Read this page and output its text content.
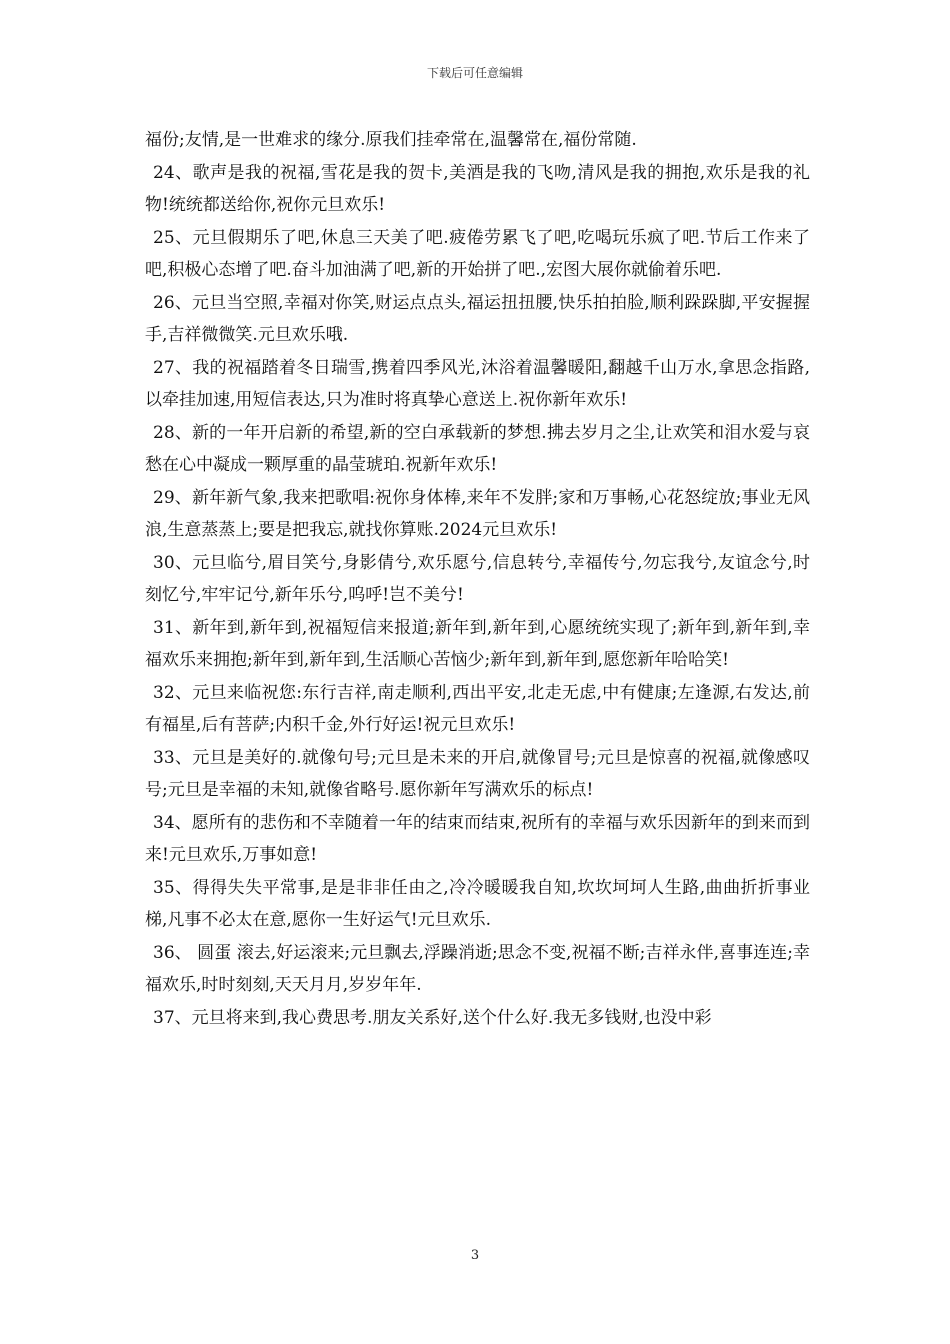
下载后可任意编辑

福份;友情,是一世难求的缘分.原我们挂牵常在,温馨常在,福份常随.

24、歌声是我的祝福,雪花是我的贺卡,美酒是我的飞吻,清风是我的拥抱,欢乐是我的礼物!统统都送给你,祝你元旦欢乐!

25、元旦假期乐了吧,休息三天美了吧.疲倦劳累飞了吧,吃喝玩乐疯了吧.节后工作来了吧,积极心态增了吧.奋斗加油满了吧,新的开始拼了吧.,宏图大展你就偷着乐吧.

26、元旦当空照,幸福对你笑,财运点点头,福运扭扭腰,快乐拍拍脸,顺利跺跺脚,平安握握手,吉祥微微笑.元旦欢乐哦.

27、我的祝福踏着冬日瑞雪,携着四季风光,沐浴着温馨暖阳,翻越千山万水,拿思念指路,以牵挂加速,用短信表达,只为准时将真挚心意送上.祝你新年欢乐!

28、新的一年开启新的希望,新的空白承载新的梦想.拂去岁月之尘,让欢笑和泪水爱与哀愁在心中凝成一颗厚重的晶莹琥珀.祝新年欢乐!

29、新年新气象,我来把歌唱:祝你身体棒,来年不发胖;家和万事畅,心花怒绽放;事业无风浪,生意蒸蒸上;要是把我忘,就找你算账.2024元旦欢乐!

30、元旦临兮,眉目笑兮,身影倩兮,欢乐愿兮,信息转兮,幸福传兮,勿忘我兮,友谊念兮,时刻忆兮,牢牢记兮,新年乐兮,呜呼!岂不美兮!

31、新年到,新年到,祝福短信来报道;新年到,新年到,心愿统统实现了;新年到,新年到,幸福欢乐来拥抱;新年到,新年到,生活顺心苦恼少;新年到,新年到,愿您新年哈哈笑!

32、元旦来临祝您:东行吉祥,南走顺利,西出平安,北走无虑,中有健康;左逢源,右发达,前有福星,后有菩萨;内积千金,外行好运!祝元旦欢乐!

33、元旦是美好的.就像句号;元旦是未来的开启,就像冒号;元旦是惊喜的祝福,就像感叹号;元旦是幸福的未知,就像省略号.愿你新年写满欢乐的标点!

34、愿所有的悲伤和不幸随着一年的结束而结束,祝所有的幸福与欢乐因新年的到来而到来!元旦欢乐,万事如意!

35、得得失失平常事,是是非非任由之,冷冷暖暖我自知,坎坎坷坷人生路,曲曲折折事业梯,凡事不必太在意,愿你一生好运气!元旦欢乐.

36、 圆蛋 滚去,好运滚来;元旦飘去,浮躁消逝;思念不变,祝福不断;吉祥永伴,喜事连连;幸福欢乐,时时刻刻,天天月月,岁岁年年.

37、元旦将来到,我心费思考.朋友关系好,送个什么好.我无多钱财,也没中彩

3
